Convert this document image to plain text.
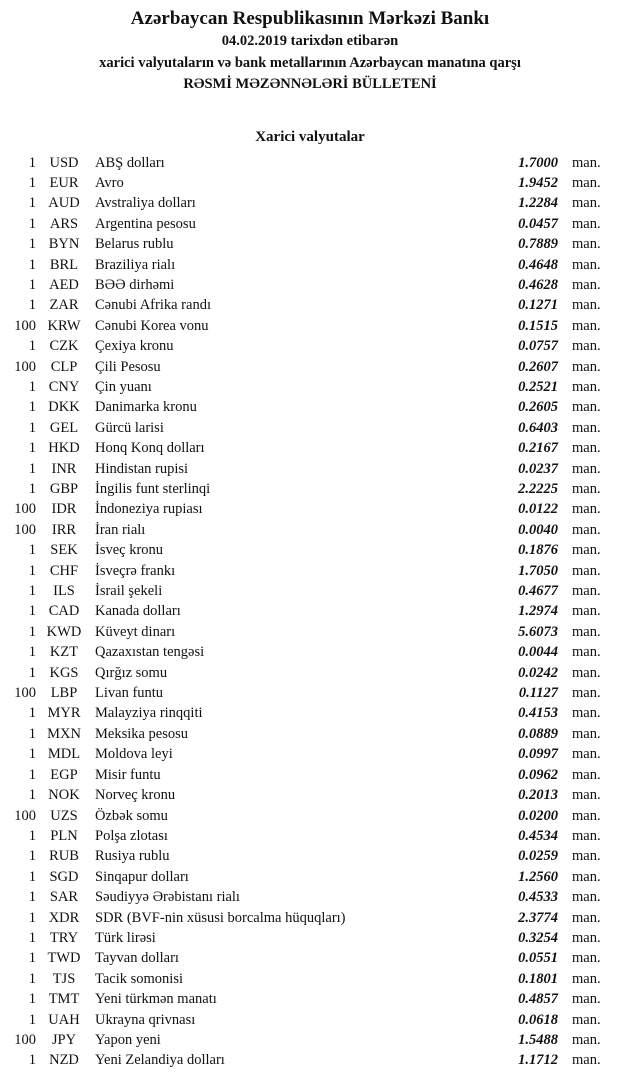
Azərbaycan Respublikasının Mərkəzi Bankı
04.02.2019 tarixdən etibarən
xarici valyutaların və bank metallarının Azərbaycan manatına qarşı
RƏSMİ MƏZƏNNƏLƏRİ BÜLLETENİ
Xarici valyutalar
1 USD	ABŞ dolları	1.7000 man.
1 EUR	Avro	1.9452 man.
1 AUD	Avstraliya dolları	1.2284 man.
1 ARS	Argentina pesosu	0.0457 man.
1 BYN	Belarus rublu	0.7889 man.
1 BRL	Braziliya rialı	0.4648 man.
1 AED	BƏƏ dirhəmi	0.4628 man.
1 ZAR	Cənubi Afrika randı	0.1271 man.
100 KRW Cənubi Korea vonu	0.1515 man.
1 CZK	Çexiya kronu	0.0757 man.
100	CLP	Çili Pesosu	0.2607 man.
1 CNY	Çin yuanı	0.2521 man.
1 DKK	Danimarka kronu	0.2605 man.
1 GEL	Gürcü larisi	0.6403 man.
1 HKD	Honq Konq dolları	0.2167 man.
1	INR	Hindistan rupisi	0.0237 man.
1 GBP	İngilis funt sterlinqi	2.2225 man.
100	IDR	İndoneziya rupiası	0.0122 man.
100	IRR	İran rialı	0.0040 man.
1 SEK	İsveç kronu	0.1876 man.
1 CHF	İsveçrə frankı	1.7050 man.
1	ILS	İsrail şekeli	0.4677 man.
1 CAD	Kanada dolları	1.2974 man.
1 KWD Küveyt dinarı	5.6073 man.
1 KZT	Qazaxıstan tengəsi	0.0044 man.
1 KGS	Qırğız somu	0.0242 man.
100	LBP	Livan funtu	0.1127 man.
1 MYR Malayziya rinqqiti	0.4153 man.
1 MXN Meksika pesosu	0.0889 man.
1 MDL	Moldova leyi	0.0997 man.
1 EGP	Misir funtu	0.0962 man.
1 NOK	Norveç kronu	0.2013 man.
100 UZS	Özbək somu	0.0200 man.
1 PLN	Polşa zlotası	0.4534 man.
1 RUB	Rusiya rublu	0.0259 man.
1 SGD	Sinqapur dolları	1.2560 man.
1 SAR	Səudiyyə Ərəbistanı rialı	0.4533 man.
1 XDR	SDR (BVF-nin xüsusi borcalma hüquqları)	2.3774 man.
1 TRY	Türk lirəsi	0.3254 man.
1 TWD	Tayvan dolları	0.0551 man.
1	TJS	Tacik somonisi	0.1801 man.
1 TMT	Yeni türkmən manatı	0.4857 man.
1 UAH	Ukrayna qrivnası	0.0618 man.
100	JPY	Yapon yeni	1.5488 man.
1 NZD	Yeni Zelandiya dolları	1.1712 man.
